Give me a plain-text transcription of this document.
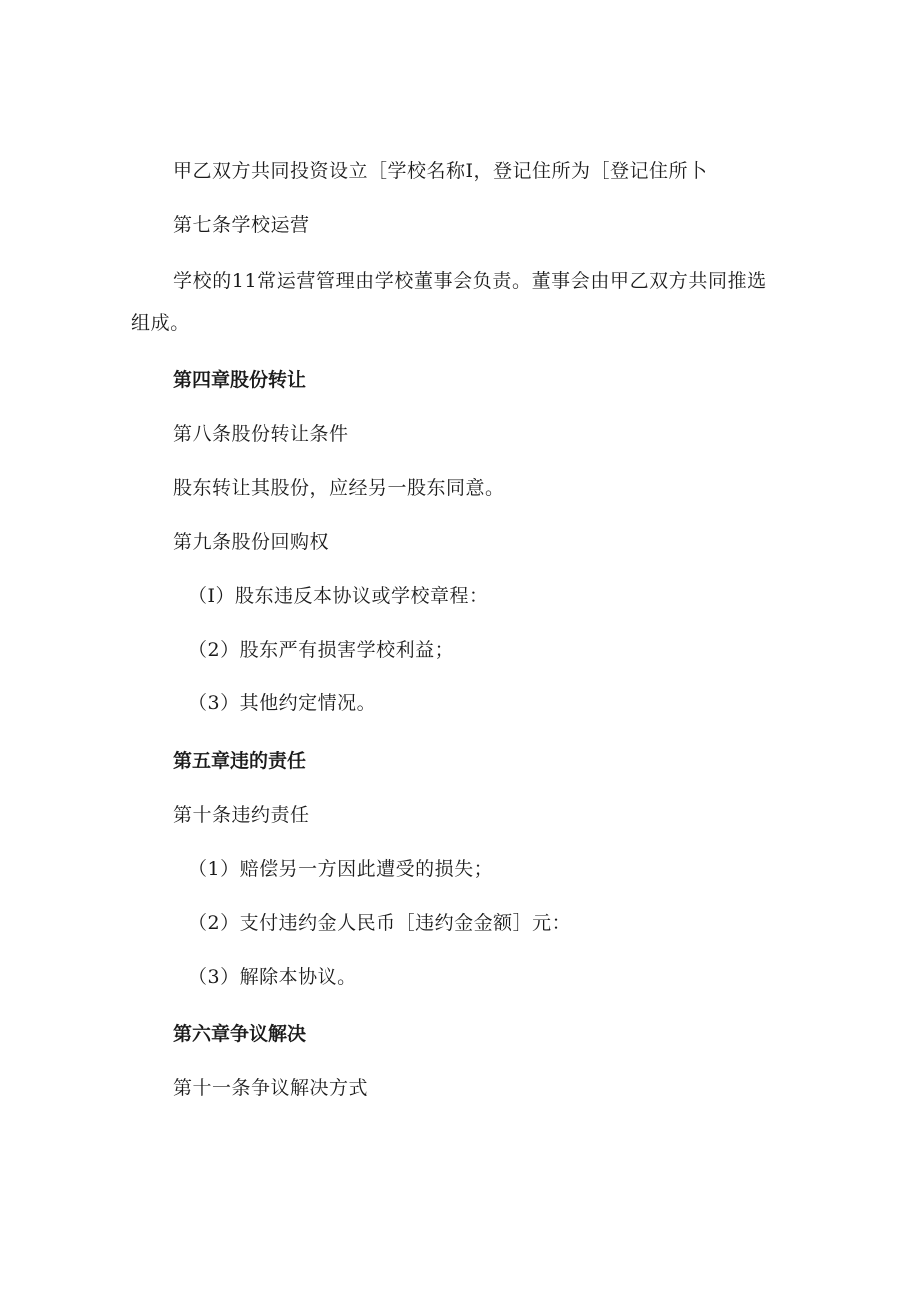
甲乙双方共同投资设立［学校名称I，登记住所为［登记住所卜
第七条学校运营
学校的11常运营管理由学校董事会负责。董事会由甲乙双方共同推选组成。
第四章股份转让
第八条股份转让条件
股东转让其股份，应经另一股东同意。
第九条股份回购权
（I）股东违反本协议或学校章程：
（2）股东严有损害学校利益；
（3）其他约定情况。
第五章违的责任
第十条违约责任
（1）赔偿另一方因此遭受的损失；
（2）支付违约金人民币［违约金金额］元：
（3）解除本协议。
第六章争议解决
第十一条争议解决方式
